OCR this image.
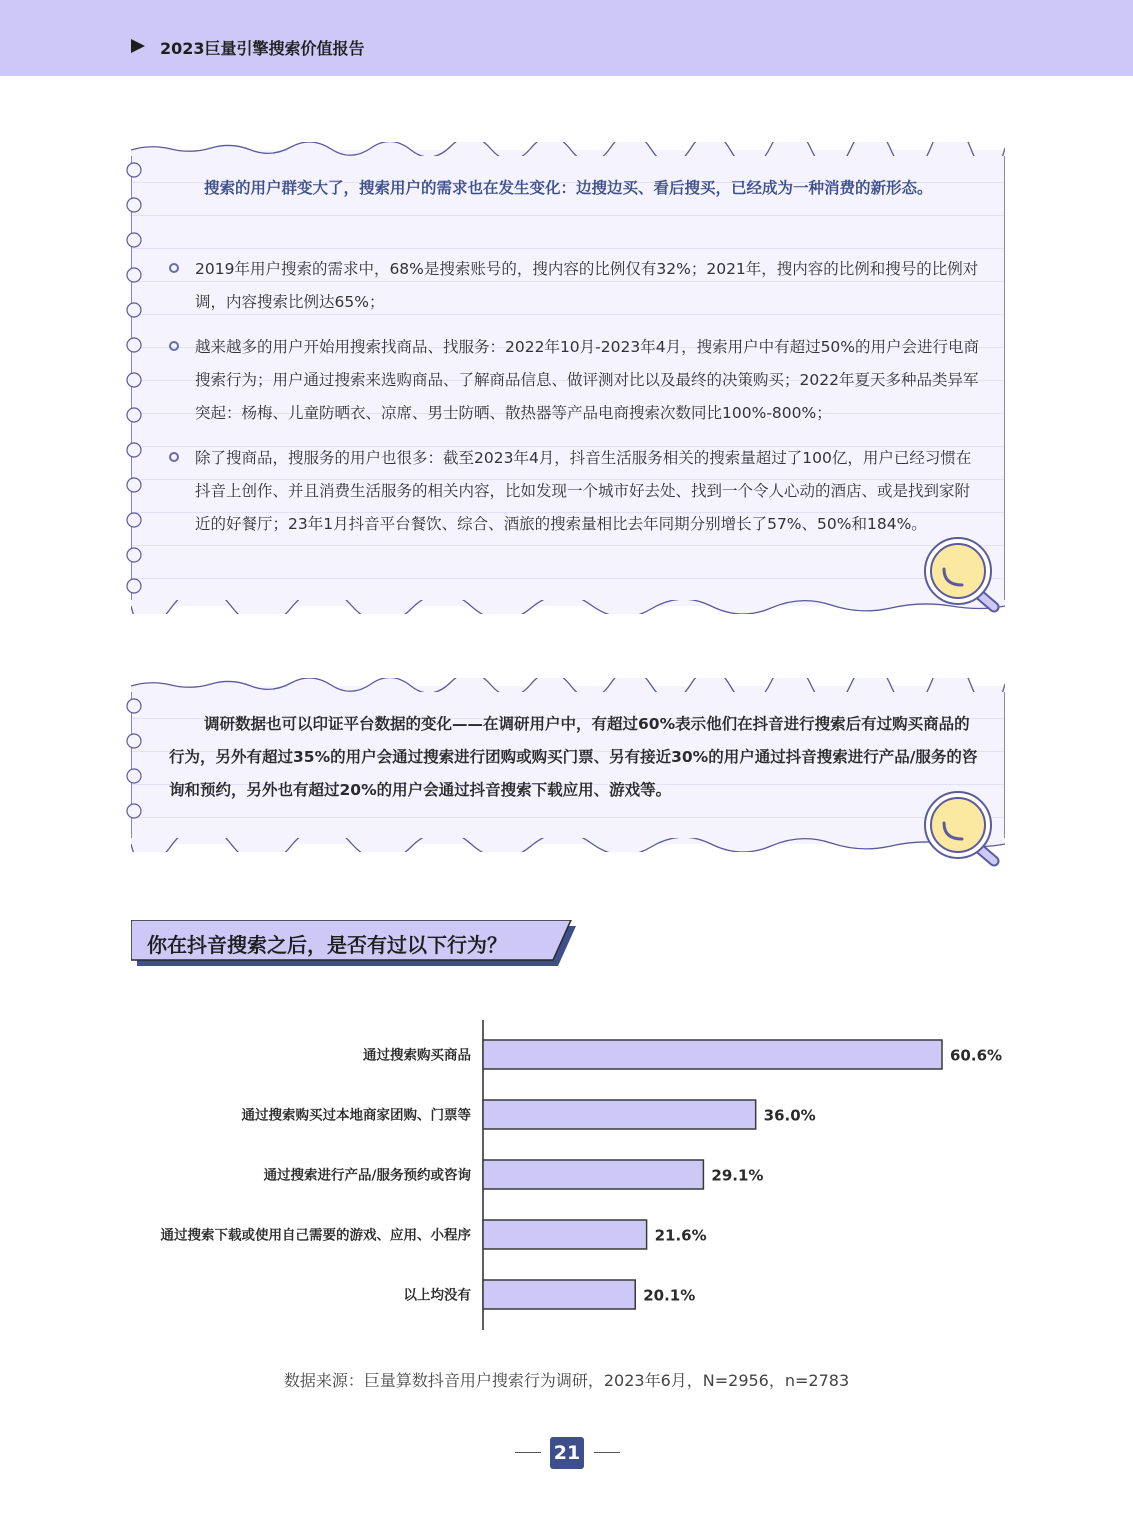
2023巨量引擎搜索价值报告
搜索的用户群变大了，搜索用户的需求也在发生变化：边搜边买、看后搜买，已经成为一种消费的新形态。
2019年用户搜索的需求中，68%是搜索账号的，搜内容的比例仅有32%；2021年，搜内容的比例和搜号的比例对调，内容搜索比例达65%；
越来越多的用户开始用搜索找商品、找服务：2022年10月-2023年4月，搜索用户中有超过50%的用户会进行电商搜索行为；用户通过搜索来选购商品、了解商品信息、做评测对比以及最终的决策购买；2022年夏天多种品类异军突起：杨梅、儿童防晒衣、凉席、男士防晒、散热器等产品电商搜索次数同比100%-800%；
除了搜商品，搜服务的用户也很多：截至2023年4月，抖音生活服务相关的搜索量超过了100亿，用户已经习惯在抖音上创作、并且消费生活服务的相关内容，比如发现一个城市好去处、找到一个令人心动的酒店、或是找到家附近的好餐厅；23年1月抖音平台餐饮、综合、酒旅的搜索量相比去年同期分别增长了57%、50%和184%。
调研数据也可以印证平台数据的变化——在调研用户中，有超过60%表示他们在抖音进行搜索后有过购买商品的行为，另外有超过35%的用户会通过搜索进行团购或购买门票、另有接近30%的用户通过抖音搜索进行产品/服务的咨询和预约，另外也有超过20%的用户会通过抖音搜索下载应用、游戏等。
你在抖音搜索之后，是否有过以下行为？
通过搜索购买商品	60.6%
通过搜索购买过本地商家团购、门票等	36.0%
通过搜索进行产品/服务预约或咨询	29.1%
通过搜索下载或使用自己需要的游戏、应用、小程序	21.6%
以上均没有	20.1%
数据来源：巨量算数抖音用户搜索行为调研，2023年6月，N=2956，n=2783
21
